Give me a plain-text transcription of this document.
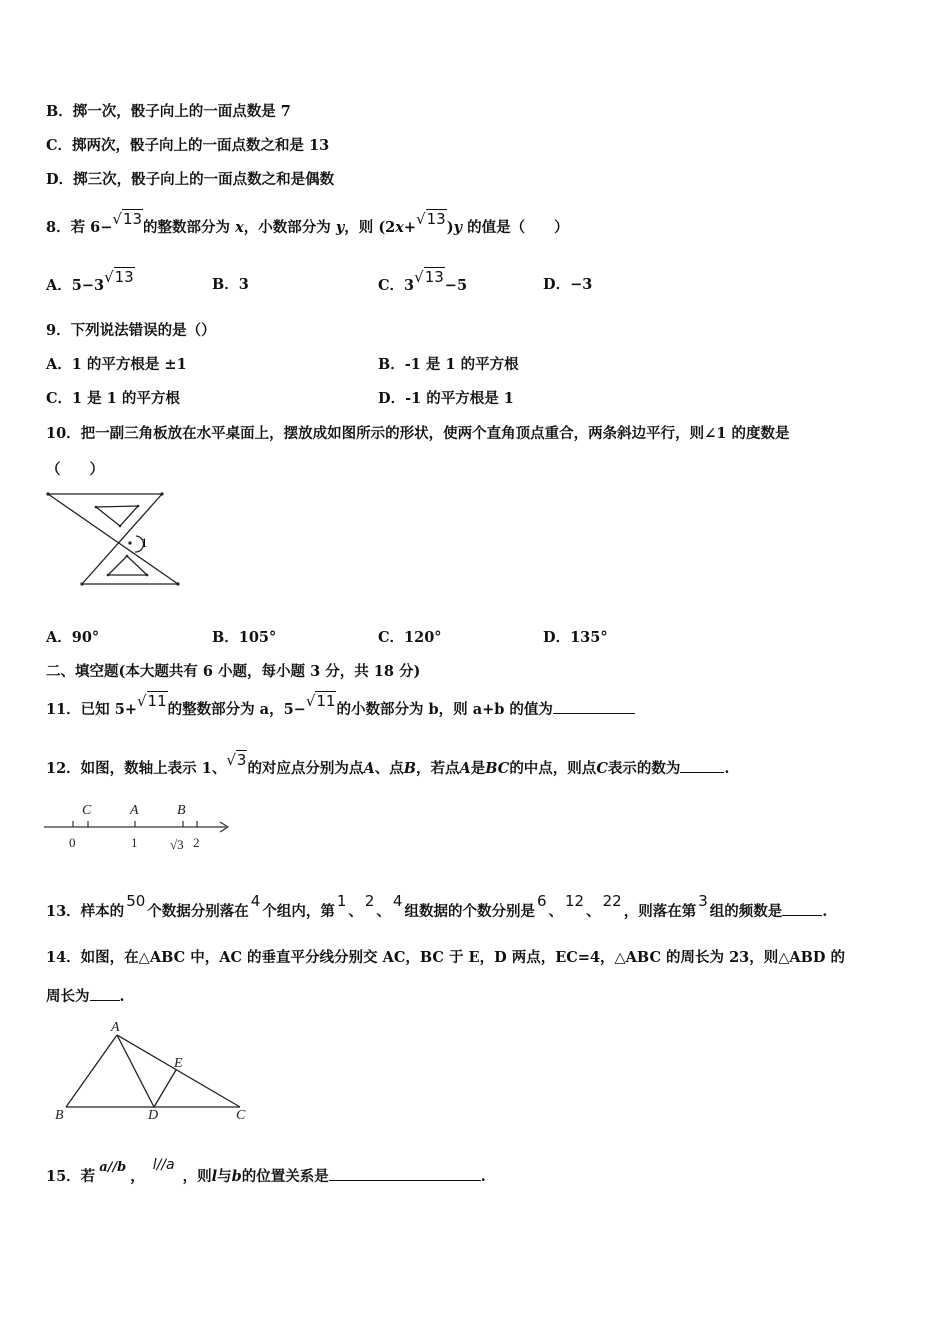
B．掷一次，骰子向上的一面点数是 7
C．掷两次，骰子向上的一面点数之和是 13
D．掷三次，骰子向上的一面点数之和是偶数
8．若 6−√13的整数部分为 x，小数部分为 y，则 (2x+√13)y 的值是（　　）
A．5−3√13	B．3	C．3√13−5	D．−3
9．下列说法错误的是（）
A．1 的平方根是 ±1	B．-1 是 1 的平方根
C．1 是 1 的平方根	D．-1 的平方根是 1
10．把一副三角板放在水平桌面上，摆放成如图所示的形状，使两个直角顶点重合，两条斜边平行，则∠1 的度数是
（　　）
1
A．90°	B．105°	C．120°	D．135°
二、填空题(本大题共有 6 小题，每小题 3 分，共 18 分)
11．已知 5+√11的整数部分为 a，5−√11的小数部分为 b，则 a+b 的值为
12．如图，数轴上表示 1、√3的对应点分别为点A、点B，若点A是BC的中点，则点C表示的数为	.
C	A	B
0	1	√3 2
13．样本的50个数据分别落在4个组内，第1、2、4组数据的个数分别是6、12、22，则落在第3组的频数是	.
14．如图，在△ABC 中，AC 的垂直平分线分别交 AC，BC 于 E，D 两点，EC=4，△ABC 的周长为 23，则△ABD 的
周长为 .
A
E
B	D	C
15．若a//b，l//a，则l与b的位置关系是	.
